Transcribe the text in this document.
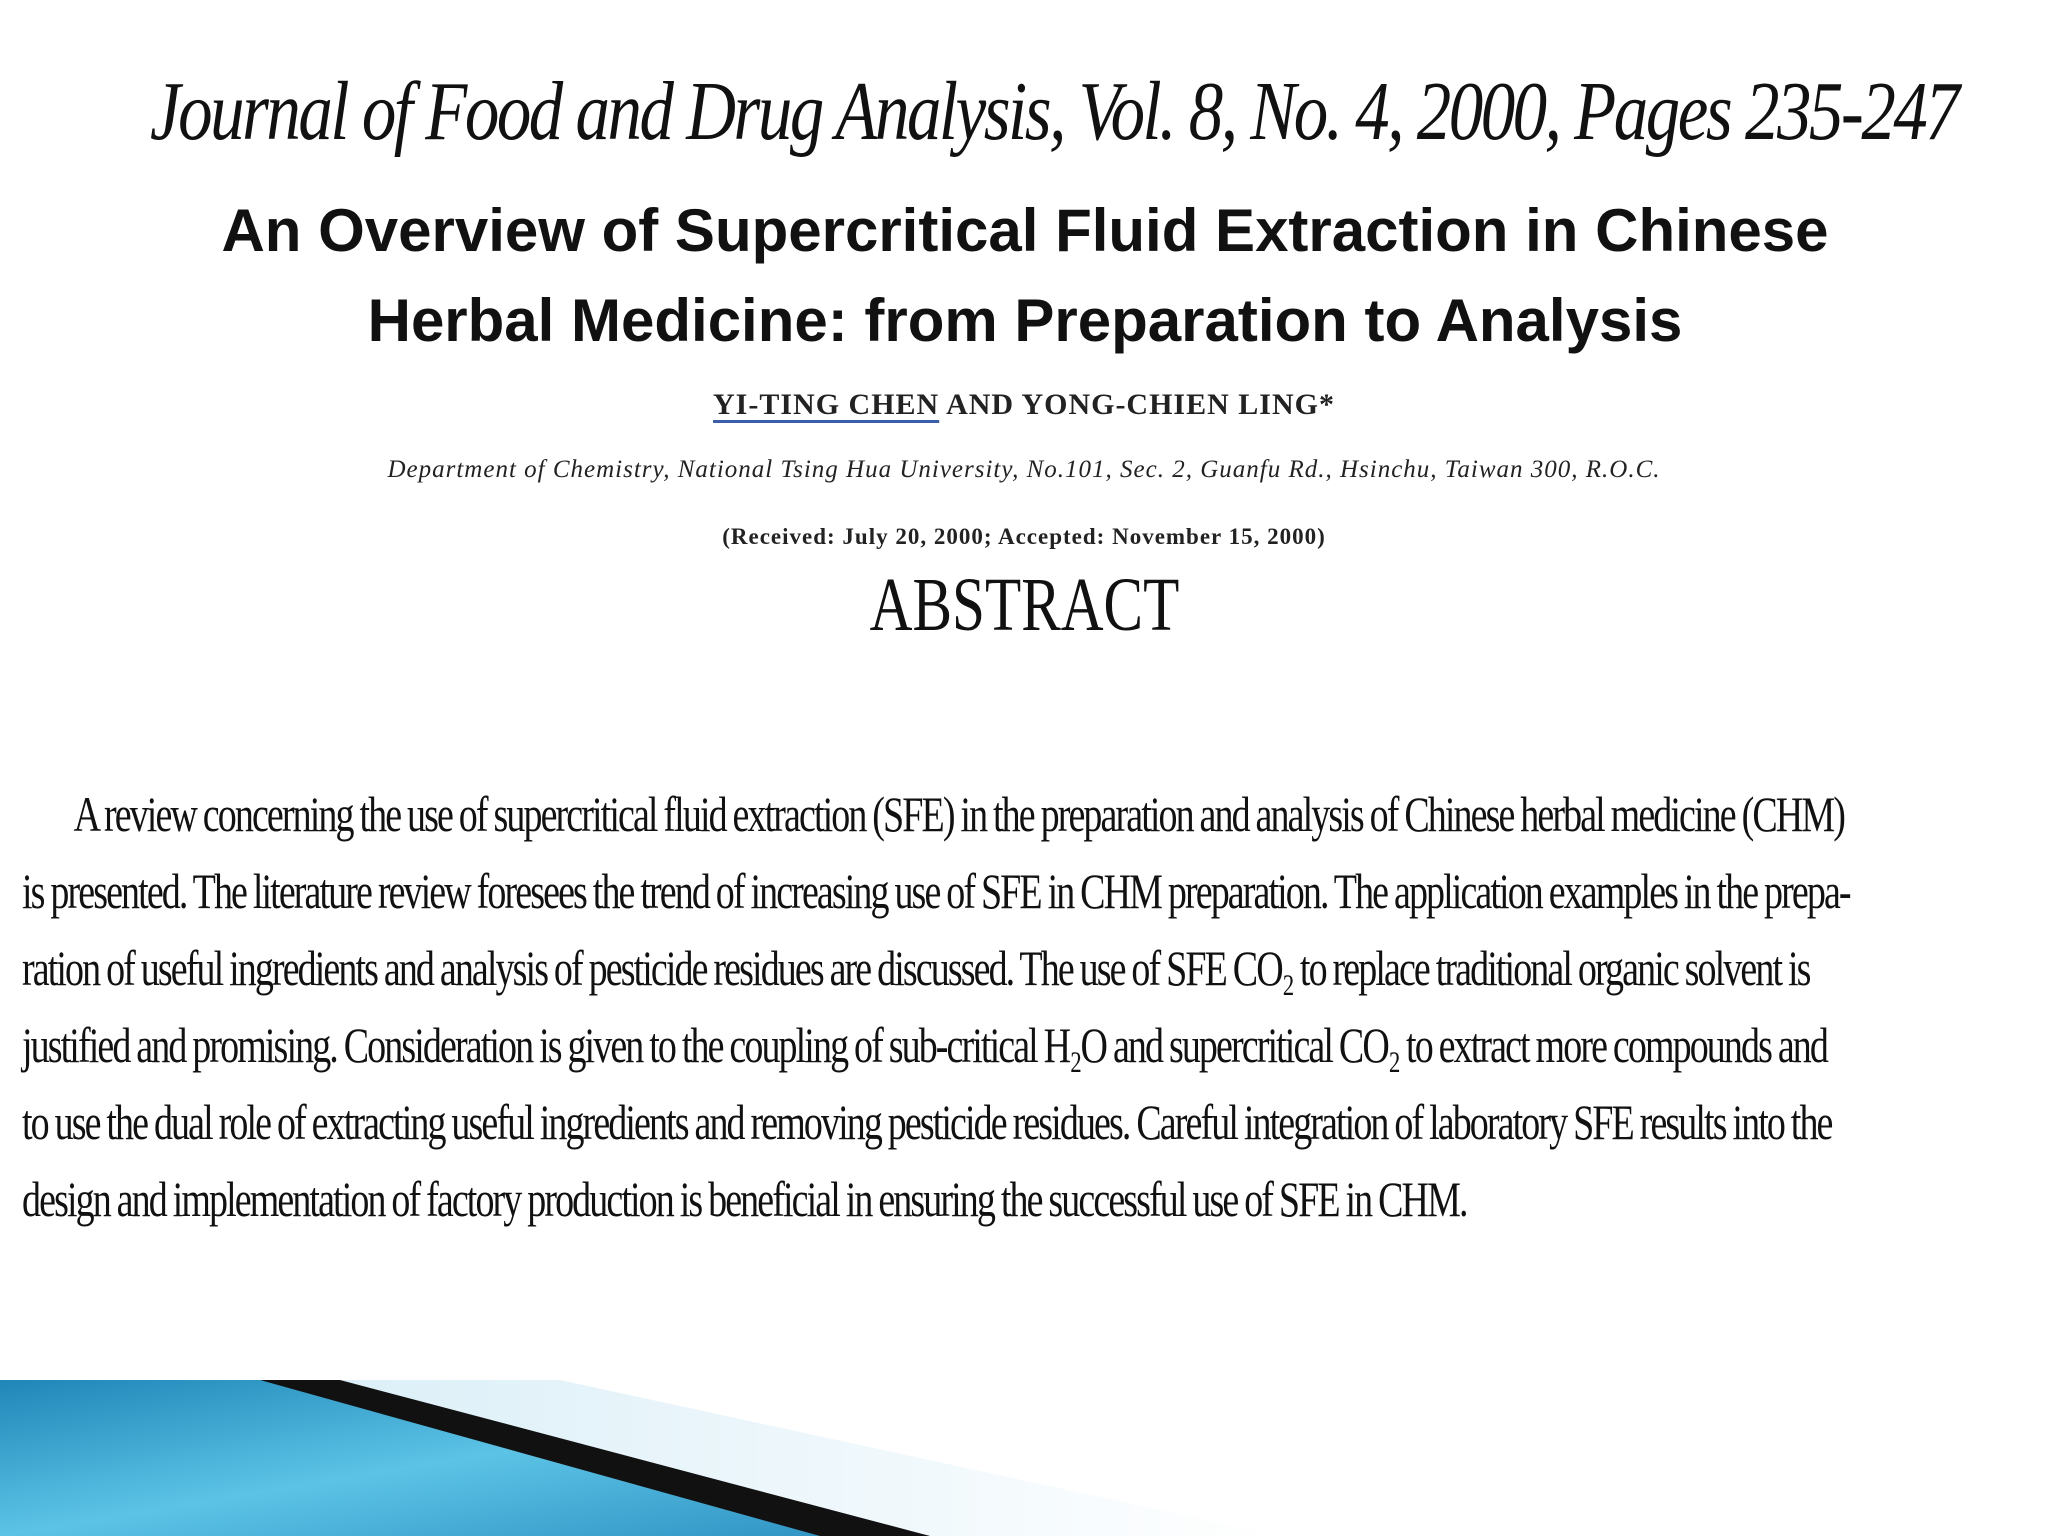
Journal of Food and Drug Analysis, Vol. 8, No. 4, 2000, Pages 235-247
An Overview of Supercritical Fluid Extraction in Chinese
Herbal Medicine: from Preparation to Analysis
YI-TING CHEN AND YONG-CHIEN LING*
Department of Chemistry, National Tsing Hua University, No.101, Sec. 2, Guanfu Rd., Hsinchu, Taiwan 300, R.O.C.
(Received: July 20, 2000; Accepted: November 15, 2000)
ABSTRACT
A review concerning the use of supercritical fluid extraction (SFE) in the preparation and analysis of Chinese herbal medicine (CHM)
is presented. The literature review foresees the trend of increasing use of SFE in CHM preparation. The application examples in the prepa-
ration of useful ingredients and analysis of pesticide residues are discussed. The use of SFE CO₂ to replace traditional organic solvent is
justified and promising. Consideration is given to the coupling of sub-critical H₂O and supercritical CO₂ to extract more compounds and
to use the dual role of extracting useful ingredients and removing pesticide residues. Careful integration of laboratory SFE results into the
design and implementation of factory production is beneficial in ensuring the successful use of SFE in CHM.
